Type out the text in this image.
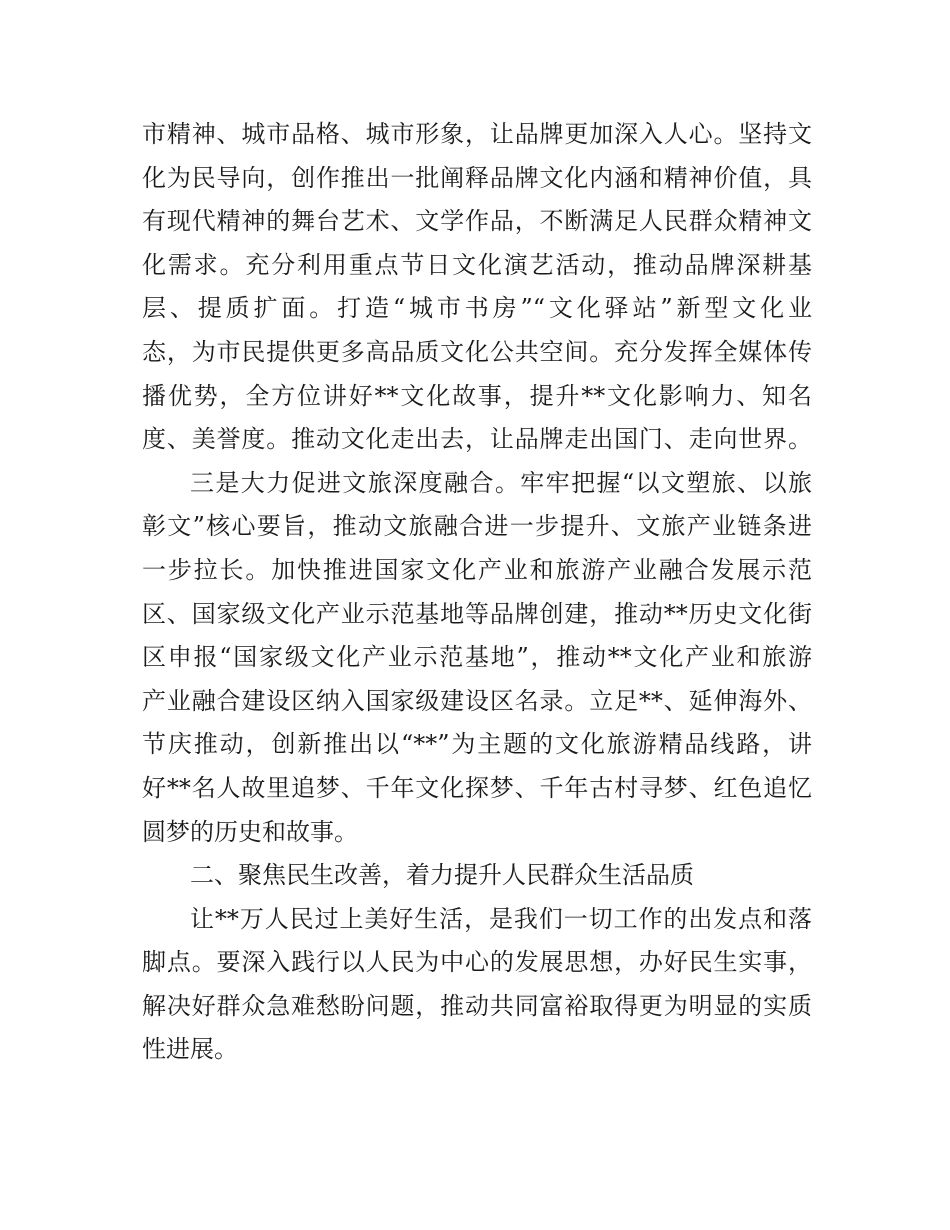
市精神、城市品格、城市形象，让品牌更加深入人心。坚持文
化为民导向，创作推出一批阐释品牌文化内涵和精神价值，具
有现代精神的舞台艺术、文学作品，不断满足人民群众精神文
化需求。充分利用重点节日文化演艺活动，推动品牌深耕基
层、提质扩面。打造“城市书房”“文化驿站”新型文化业
态，为市民提供更多高品质文化公共空间。充分发挥全媒体传
播优势，全方位讲好**文化故事，提升**文化影响力、知名
度、美誉度。推动文化走出去，让品牌走出国门、走向世界。
三是大力促进文旅深度融合。牢牢把握“以文塑旅、以旅
彰文”核心要旨，推动文旅融合进一步提升、文旅产业链条进
一步拉长。加快推进国家文化产业和旅游产业融合发展示范
区、国家级文化产业示范基地等品牌创建，推动**历史文化街
区申报“国家级文化产业示范基地”，推动**文化产业和旅游
产业融合建设区纳入国家级建设区名录。立足**、延伸海外、
节庆推动，创新推出以“**”为主题的文化旅游精品线路，讲
好**名人故里追梦、千年文化探梦、千年古村寻梦、红色追忆
圆梦的历史和故事。
二、聚焦民生改善，着力提升人民群众生活品质
让**万人民过上美好生活，是我们一切工作的出发点和落
脚点。要深入践行以人民为中心的发展思想，办好民生实事，
解决好群众急难愁盼问题，推动共同富裕取得更为明显的实质
性进展。
